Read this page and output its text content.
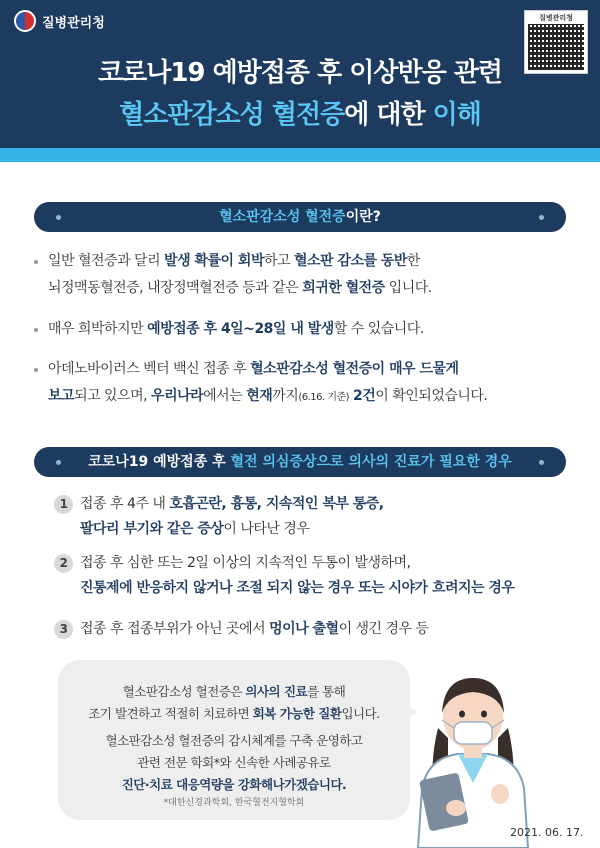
질병관리청	질병관리청
코로나19 예방접종 후 이상반응 관련
혈소판감소성 혈전증에 대한 이해
혈소판감소성 혈전증이란?
일반 혈전증과 달리 발생 확률이 회박하고 혈소판 감소를 동반한
뇌정맥동혈전증, 내장정맥혈전증 등과 같은 희귀한 혈전증 입니다.
매우 희박하지만 예방접종 후 4일~28일 내 발생할 수 있습니다.
아데노바이러스 벡터 백신 접종 후 혈소판감소성 혈전증이 매우 드물게
보고되고 있으며, 우리나라에서는 현재까지(6.16. 기준) 2건이 확인되었습니다.
코로나19 예방접종 후 혈전 의심증상으로 의사의 진료가 필요한 경우
1 접종 후 4주 내 호흡곤란, 흉통, 지속적인 복부 통증,
팔다리 부기와 같은 증상이 나타난 경우
2 접종 후 심한 또는 2일 이상의 지속적인 두통이 발생하며,
진통제에 반응하지 않거나 조절 되지 않는 경우 또는 시야가 흐려지는 경우
3 접종 후 접종부위가 아닌 곳에서 멍이나 출혈이 생긴 경우 등
혈소판감소성 혈전증은 의사의 진료를 통해
조기 발견하고 적절히 치료하면 회복 가능한 질환입니다.
혈소판감소성 혈전증의 감시체계를 구축 운영하고
관련 전문 학회*와 신속한 사례공유로
진단·치료 대응역량을 강화해나가겠습니다.
*대한신경과학회, 한국혈전지혈학회
2021. 06. 17.
